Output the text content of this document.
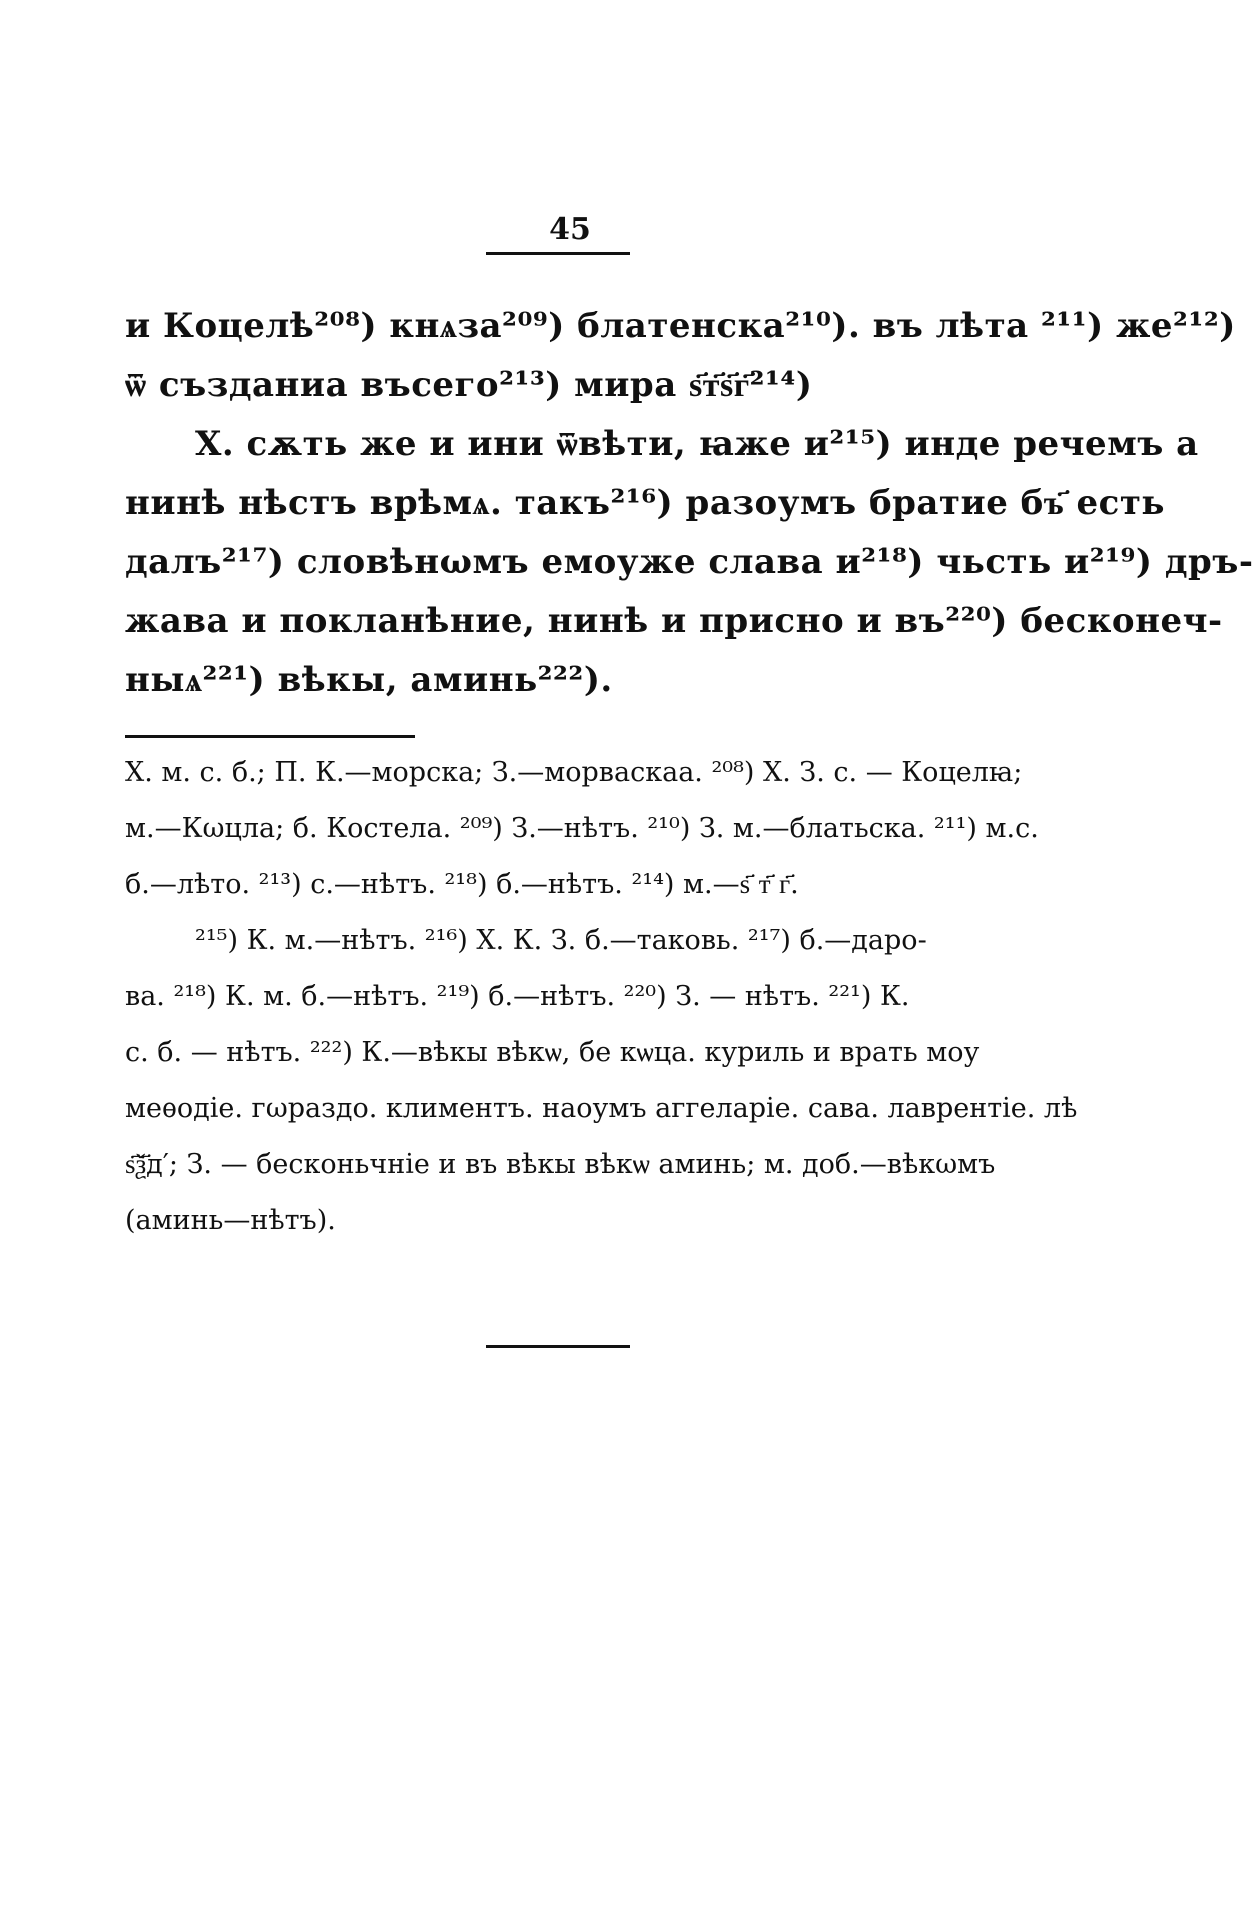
45
и Коцелѣ²⁰⁸) кнѧза²⁰⁹) блатенска²¹⁰). въ лѣта ²¹¹) же²¹²)
ѿ създаниа въсего²¹³) мира ѕ҃т҃ѕ҃г҃²¹⁴)
Х. сѫть же и ини ѿвѣти, ꙗже и²¹⁵) инде речемъ а
нинѣ нѣстъ врѣмѧ. такъ²¹⁶) разоумъ братие бъ҃ есть
далъ²¹⁷) словѣнωмъ емоуже слава и²¹⁸) чьсть и²¹⁹) дръ-
жава и покланѣние, нинѣ и присно и въ²²⁰) бесконеч-
ныѧ²²¹) вѣкы, аминь²²²).
Х. м. с. б.; П. К.—морска; З.—морваскаа. ²⁰⁸) Х. З. с. — Коцелꙗ;
м.—Кωцла; б. Костела. ²⁰⁹) З.—нѣтъ. ²¹⁰) З. м.—блатьска. ²¹¹) м.с.
б.—лѣто. ²¹³) с.—нѣтъ. ²¹⁸) б.—нѣтъ. ²¹⁴) м.—ѕ҃ т҃ г҃.
²¹⁵) К. м.—нѣтъ. ²¹⁶) Х. К. З. б.—таковь. ²¹⁷) б.—даро-
ва. ²¹⁸) К. м. б.—нѣтъ. ²¹⁹) б.—нѣтъ. ²²⁰) З. — нѣтъ. ²²¹) К.
с. б. — нѣтъ. ²²²) К.—вѣкы вѣкѡ, бе кѡца. куриль и врать моу
меѳодіе. гωраздо. климентъ. наоумъ аггеларіе. сава. лаврентіе. лѣ
ѕ҃ѯ҃д′; З. — бесконьчніе и въ вѣкы вѣкѡ аминь; м. доб.—вѣкωмъ
(аминь—нѣтъ).
